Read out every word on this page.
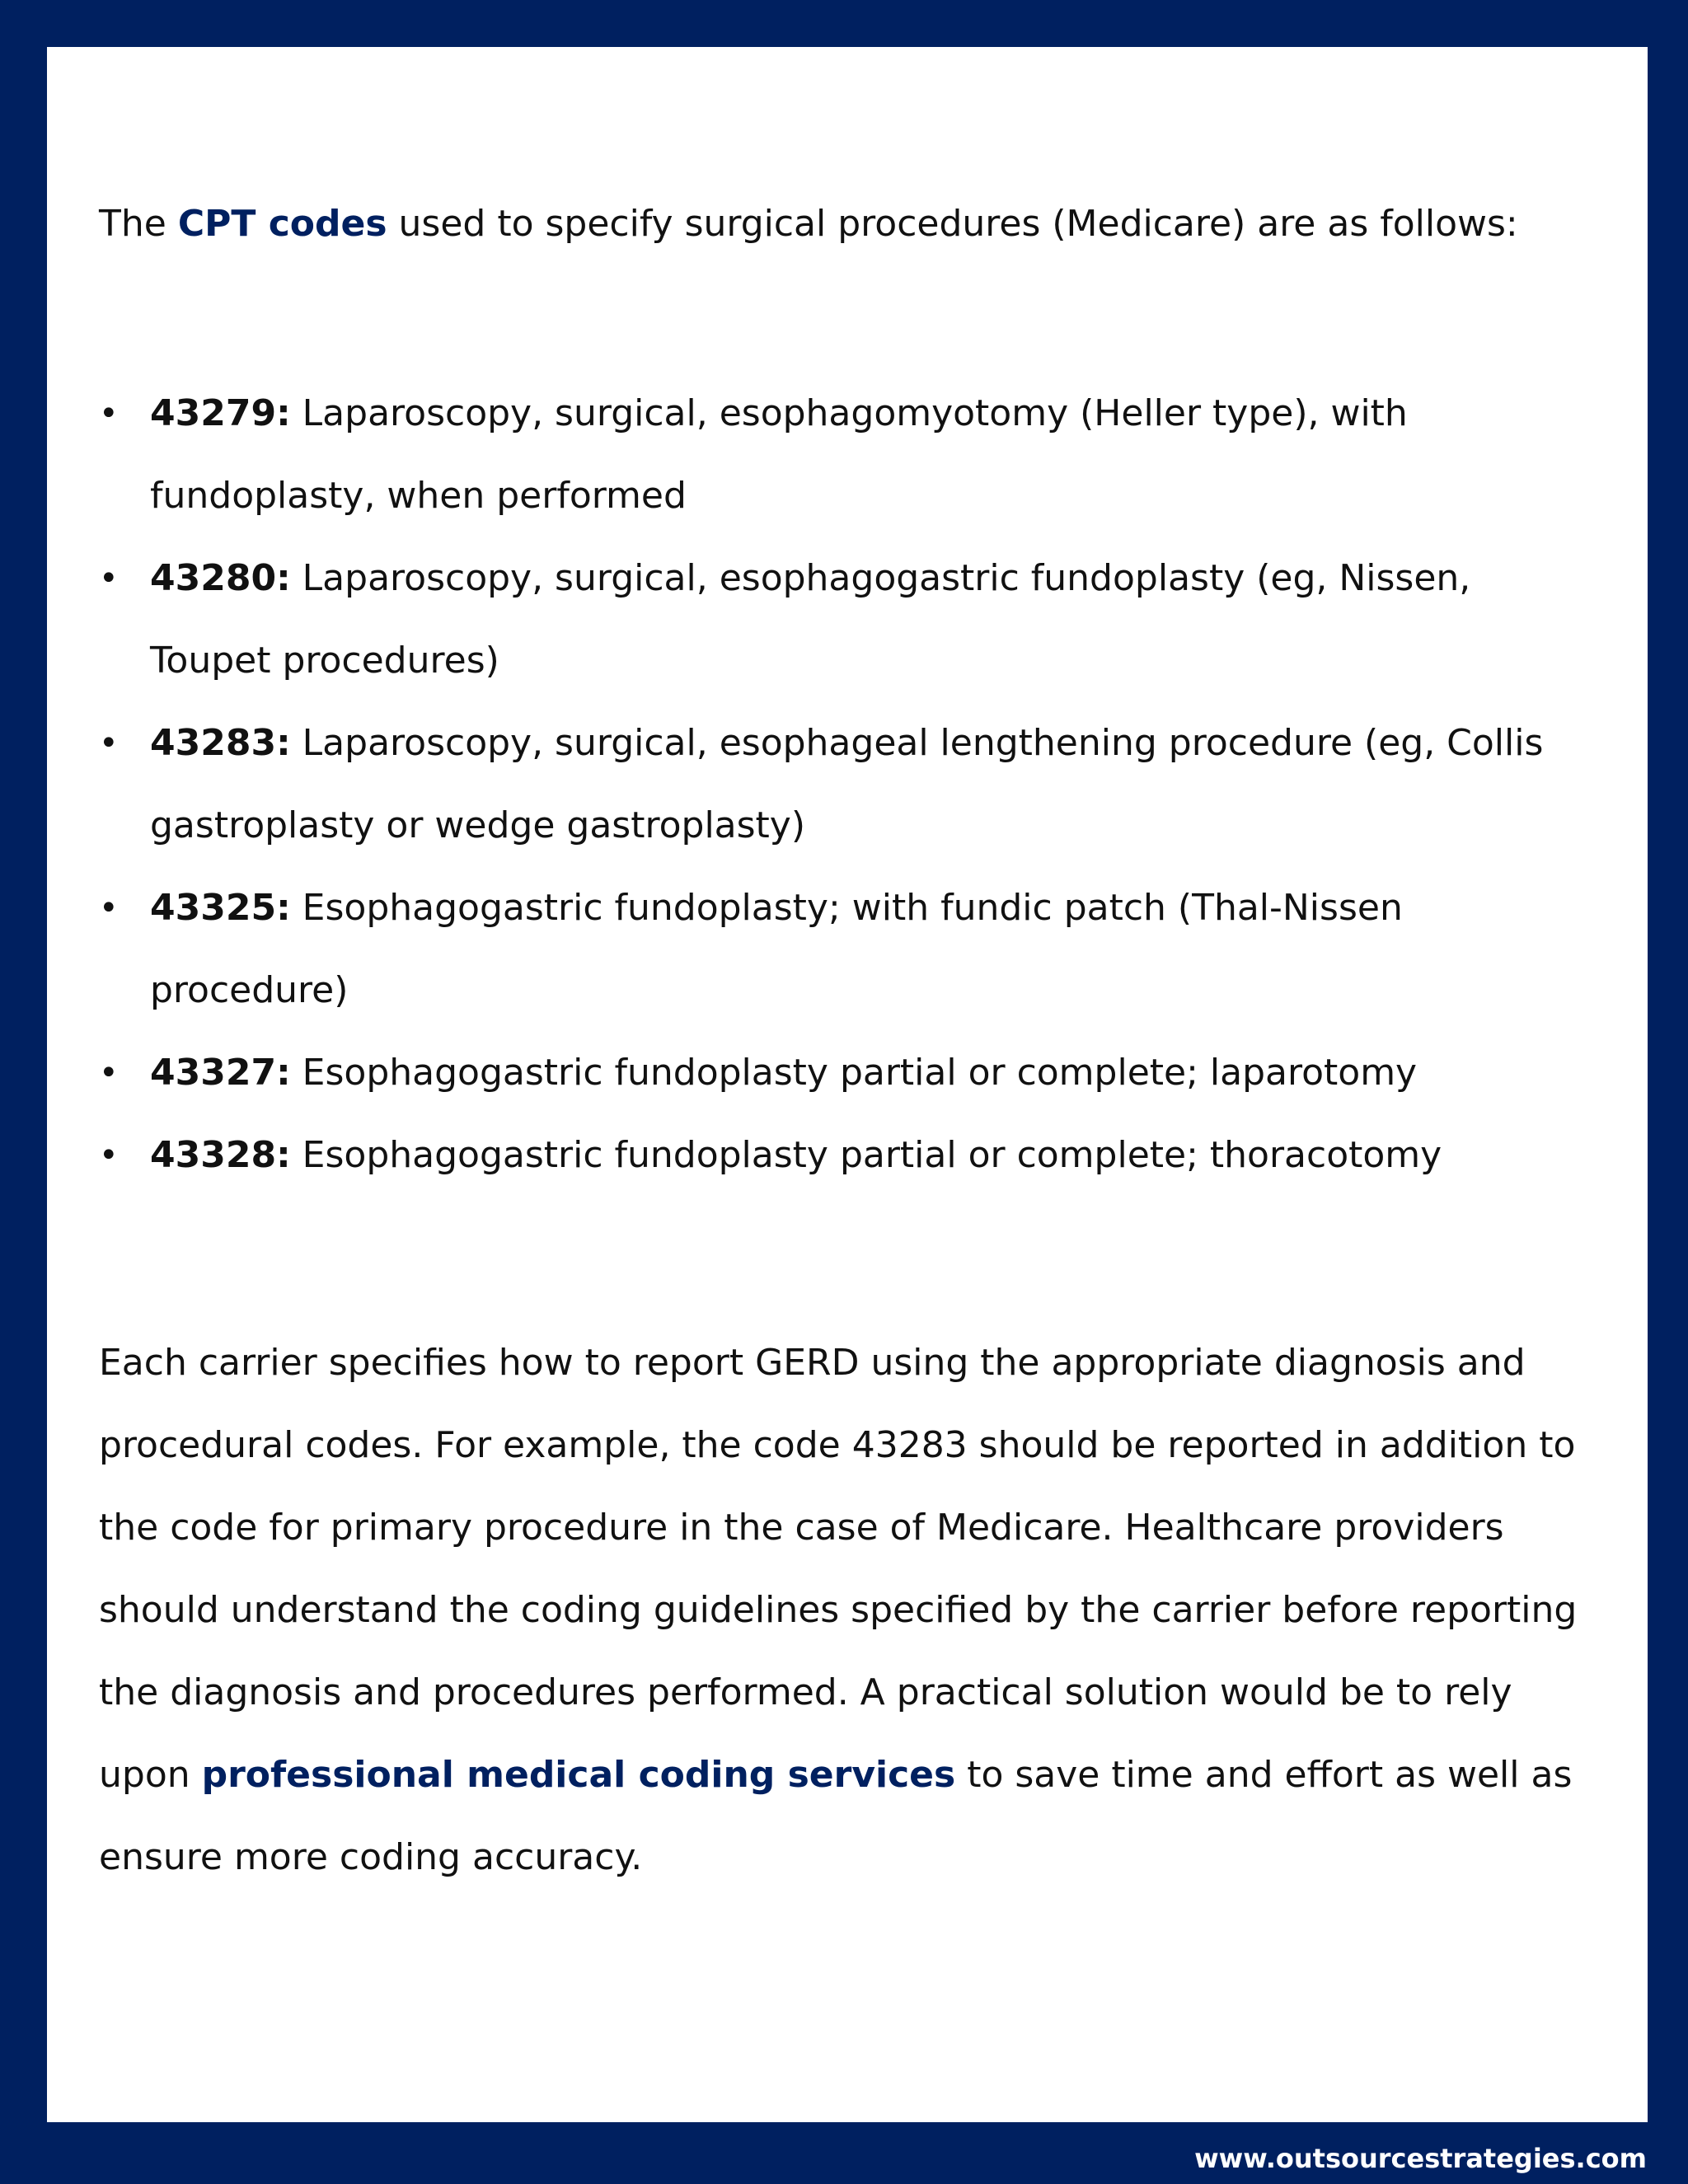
The CPT codes used to specify surgical procedures (Medicare) are as follows:

• 43279: Laparoscopy, surgical, esophagomyotomy (Heller type), with fundoplasty, when performed
• 43280: Laparoscopy, surgical, esophagogastric fundoplasty (eg, Nissen, Toupet procedures)
• 43283: Laparoscopy, surgical, esophageal lengthening procedure (eg, Collis gastroplasty or wedge gastroplasty)
• 43325: Esophagogastric fundoplasty; with fundic patch (Thal-Nissen procedure)
• 43327: Esophagogastric fundoplasty partial or complete; laparotomy
• 43328: Esophagogastric fundoplasty partial or complete; thoracotomy

Each carrier specifies how to report GERD using the appropriate diagnosis and procedural codes. For example, the code 43283 should be reported in addition to the code for primary procedure in the case of Medicare. Healthcare providers should understand the coding guidelines specified by the carrier before reporting the diagnosis and procedures performed. A practical solution would be to rely upon professional medical coding services to save time and effort as well as ensure more coding accuracy.

www.outsourcestrategies.com
